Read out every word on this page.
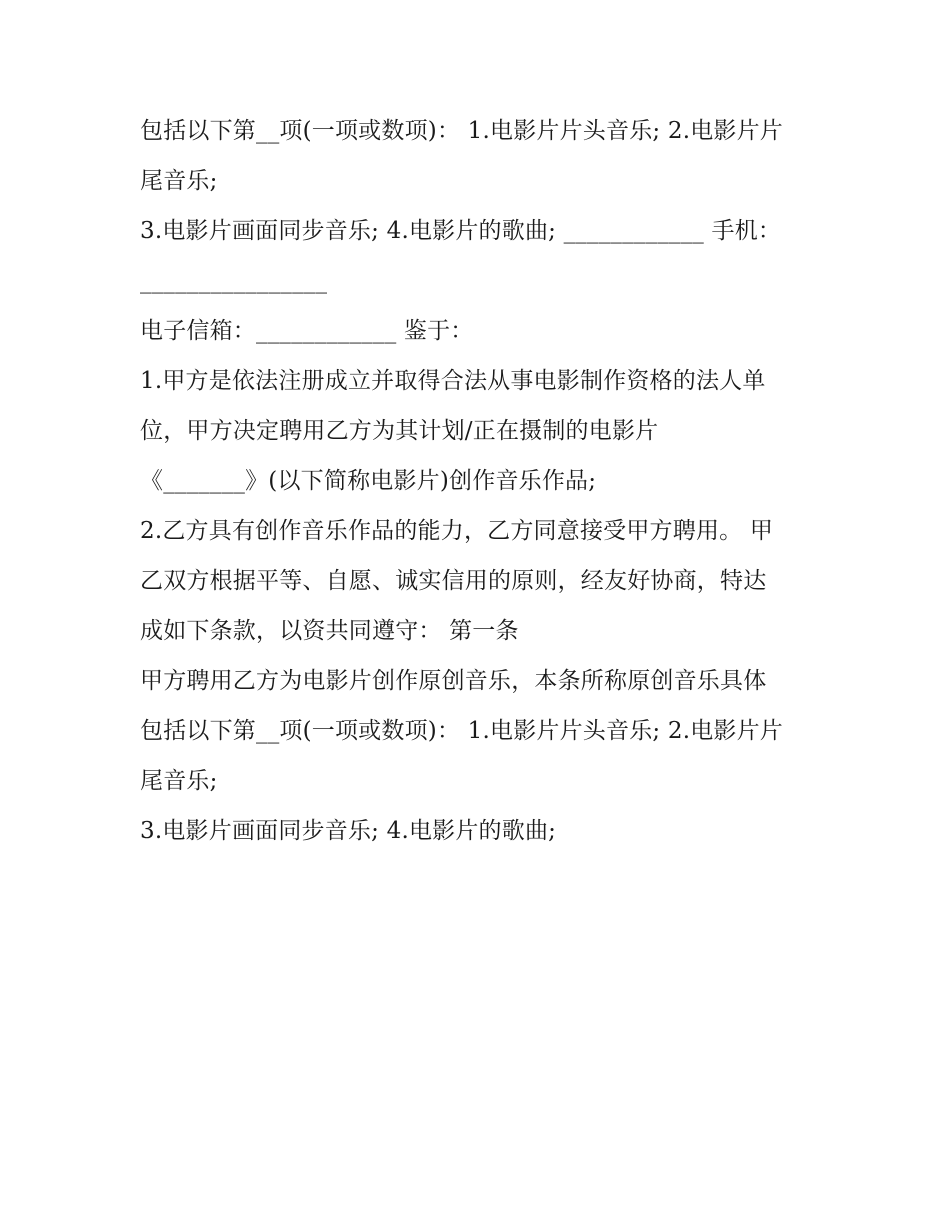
包括以下第__项(一项或数项)： 1.电影片片头音乐; 2.电影片片
尾音乐;
3.电影片画面同步音乐; 4.电影片的歌曲; ____________ 手机：
________________
电子信箱：____________ 鉴于：
1.甲方是依法注册成立并取得合法从事电影制作资格的法人单
位，甲方决定聘用乙方为其计划/正在摄制的电影片
《_______》(以下简称电影片)创作音乐作品;
2.乙方具有创作音乐作品的能力，乙方同意接受甲方聘用。 甲
乙双方根据平等、自愿、诚实信用的原则，经友好协商，特达
成如下条款，以资共同遵守： 第一条
甲方聘用乙方为电影片创作原创音乐，本条所称原创音乐具体
包括以下第__项(一项或数项)： 1.电影片片头音乐; 2.电影片片
尾音乐;
3.电影片画面同步音乐; 4.电影片的歌曲;
